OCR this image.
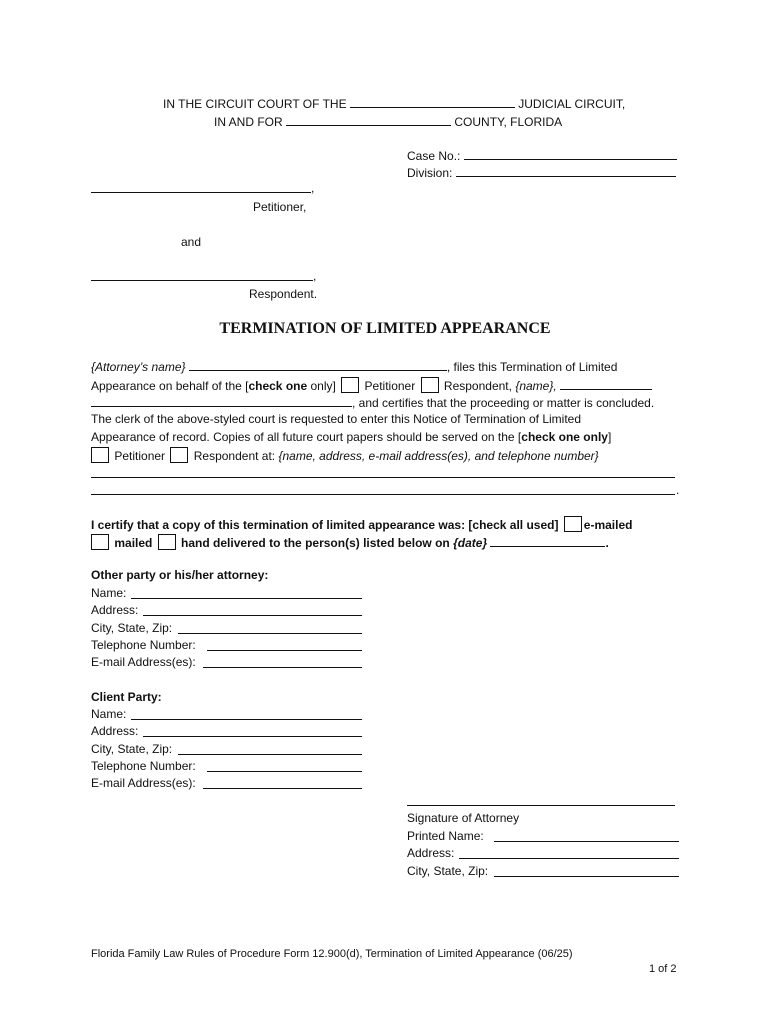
IN THE CIRCUIT COURT OF THE	JUDICIAL CIRCUIT,
IN AND FOR	COUNTY, FLORIDA
Case No.:
Division:
,
Petitioner,
and
,
Respondent.
TERMINATION OF LIMITED APPEARANCE
{Attorney’s name}	, files this Termination of Limited
Appearance on behalf of the [check one only] Petitioner Respondent, {name},
, and certifies that the proceeding or matter is concluded.
The clerk of the above-styled court is requested to enter this Notice of Termination of Limited
Appearance of record. Copies of all future court papers should be served on the [check one only]
Petitioner Respondent at: {name, address, e-mail address(es), and telephone number}
.
I certify that a copy of this termination of limited appearance was: [check all used] e-mailed
mailed hand delivered to the person(s) listed below on {date}	.
Other party or his/her attorney:
Name:
Address:
City, State, Zip:
Telephone Number:
E-mail Address(es):
Client Party:
Name:
Address:
City, State, Zip:
Telephone Number:
E-mail Address(es):
Signature of Attorney
Printed Name:
Address:
City, State, Zip:
Florida Family Law Rules of Procedure Form 12.900(d), Termination of Limited Appearance (06/25)
1 of 2
